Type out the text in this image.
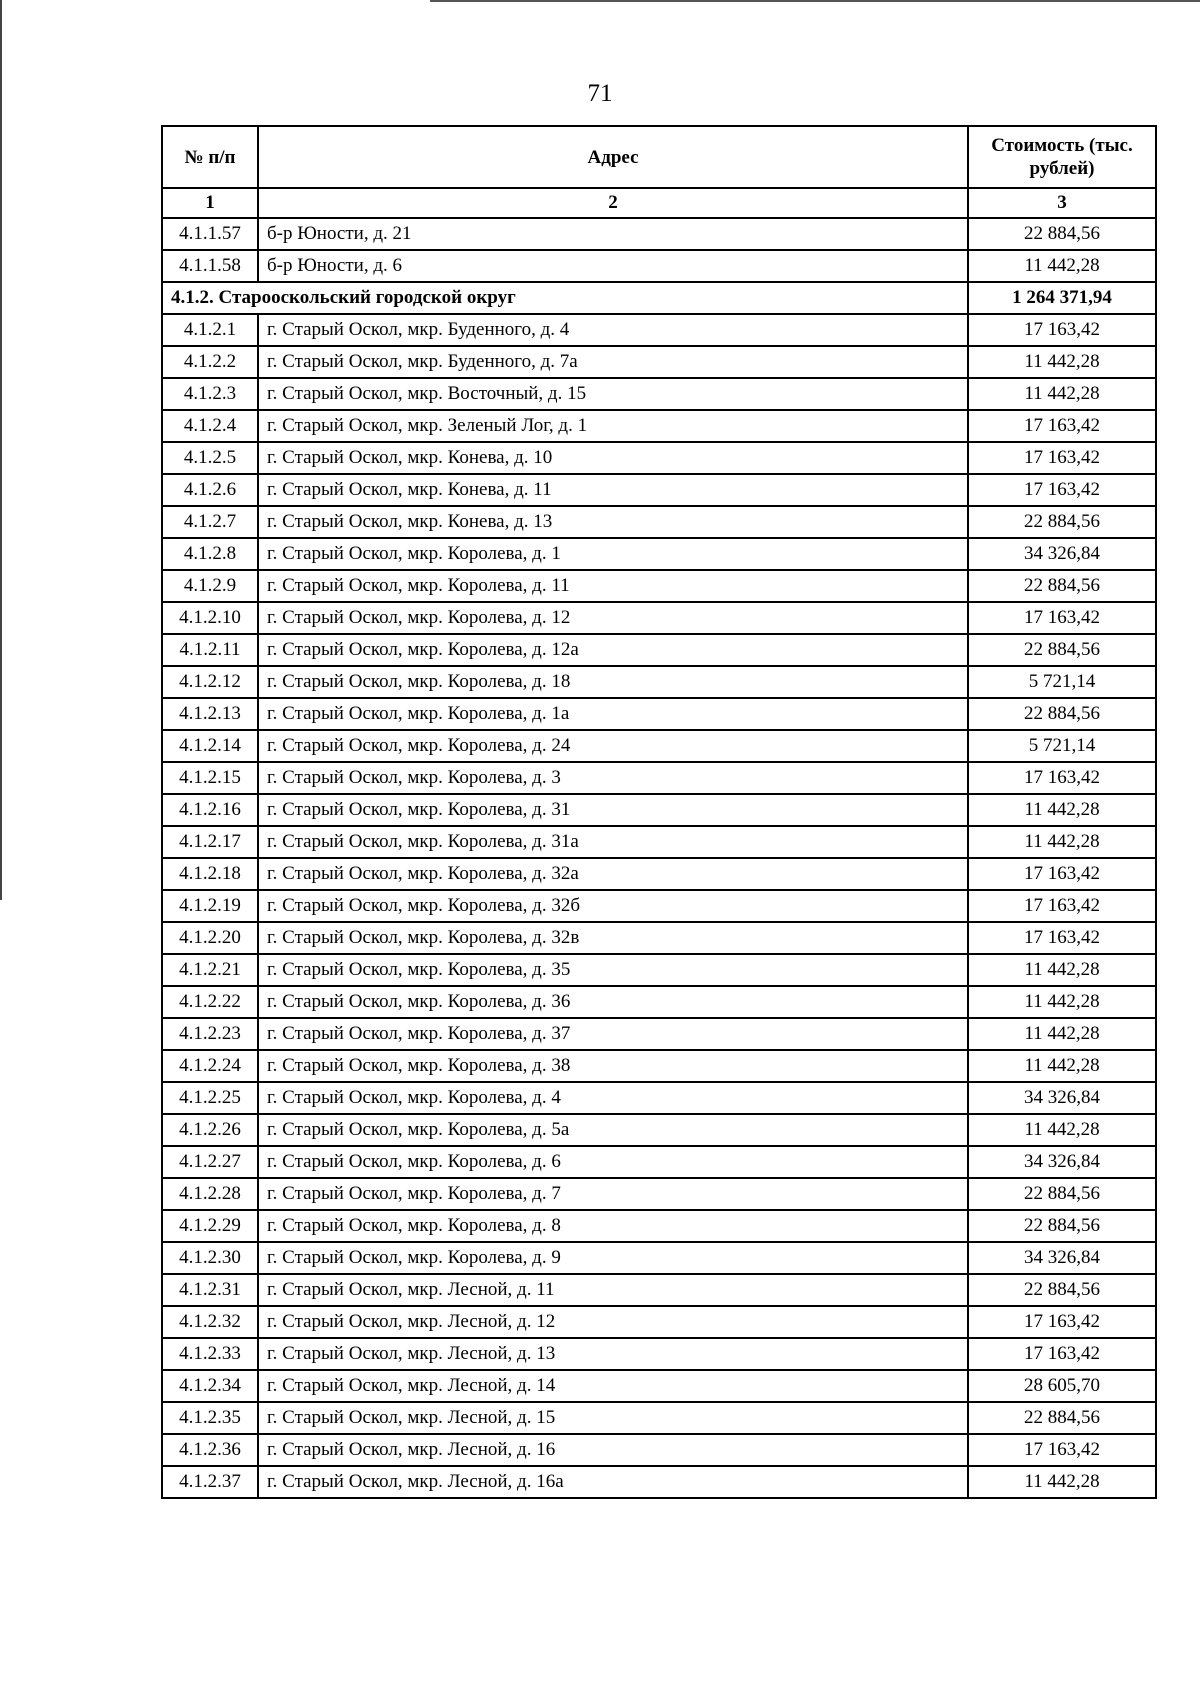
71
№ п/п	Адрес	Стоимость (тыс. рублей)
1	2	3
4.1.1.57	б-р Юности, д. 21	22 884,56
4.1.1.58	б-р Юности, д. 6	11 442,28
4.1.2. Старооскольский городской округ		1 264 371,94
4.1.2.1	г. Старый Оскол, мкр. Буденного, д. 4	17 163,42
4.1.2.2	г. Старый Оскол, мкр. Буденного, д. 7а	11 442,28
4.1.2.3	г. Старый Оскол, мкр. Восточный, д. 15	11 442,28
4.1.2.4	г. Старый Оскол, мкр. Зеленый Лог, д. 1	17 163,42
4.1.2.5	г. Старый Оскол, мкр. Конева, д. 10	17 163,42
4.1.2.6	г. Старый Оскол, мкр. Конева, д. 11	17 163,42
4.1.2.7	г. Старый Оскол, мкр. Конева, д. 13	22 884,56
4.1.2.8	г. Старый Оскол, мкр. Королева, д. 1	34 326,84
4.1.2.9	г. Старый Оскол, мкр. Королева, д. 11	22 884,56
4.1.2.10	г. Старый Оскол, мкр. Королева, д. 12	17 163,42
4.1.2.11	г. Старый Оскол, мкр. Королева, д. 12а	22 884,56
4.1.2.12	г. Старый Оскол, мкр. Королева, д. 18	5 721,14
4.1.2.13	г. Старый Оскол, мкр. Королева, д. 1а	22 884,56
4.1.2.14	г. Старый Оскол, мкр. Королева, д. 24	5 721,14
4.1.2.15	г. Старый Оскол, мкр. Королева, д. 3	17 163,42
4.1.2.16	г. Старый Оскол, мкр. Королева, д. 31	11 442,28
4.1.2.17	г. Старый Оскол, мкр. Королева, д. 31а	11 442,28
4.1.2.18	г. Старый Оскол, мкр. Королева, д. 32а	17 163,42
4.1.2.19	г. Старый Оскол, мкр. Королева, д. 32б	17 163,42
4.1.2.20	г. Старый Оскол, мкр. Королева, д. 32в	17 163,42
4.1.2.21	г. Старый Оскол, мкр. Королева, д. 35	11 442,28
4.1.2.22	г. Старый Оскол, мкр. Королева, д. 36	11 442,28
4.1.2.23	г. Старый Оскол, мкр. Королева, д. 37	11 442,28
4.1.2.24	г. Старый Оскол, мкр. Королева, д. 38	11 442,28
4.1.2.25	г. Старый Оскол, мкр. Королева, д. 4	34 326,84
4.1.2.26	г. Старый Оскол, мкр. Королева, д. 5а	11 442,28
4.1.2.27	г. Старый Оскол, мкр. Королева, д. 6	34 326,84
4.1.2.28	г. Старый Оскол, мкр. Королева, д. 7	22 884,56
4.1.2.29	г. Старый Оскол, мкр. Королева, д. 8	22 884,56
4.1.2.30	г. Старый Оскол, мкр. Королева, д. 9	34 326,84
4.1.2.31	г. Старый Оскол, мкр. Лесной, д. 11	22 884,56
4.1.2.32	г. Старый Оскол, мкр. Лесной, д. 12	17 163,42
4.1.2.33	г. Старый Оскол, мкр. Лесной, д. 13	17 163,42
4.1.2.34	г. Старый Оскол, мкр. Лесной, д. 14	28 605,70
4.1.2.35	г. Старый Оскол, мкр. Лесной, д. 15	22 884,56
4.1.2.36	г. Старый Оскол, мкр. Лесной, д. 16	17 163,42
4.1.2.37	г. Старый Оскол, мкр. Лесной, д. 16а	11 442,28
